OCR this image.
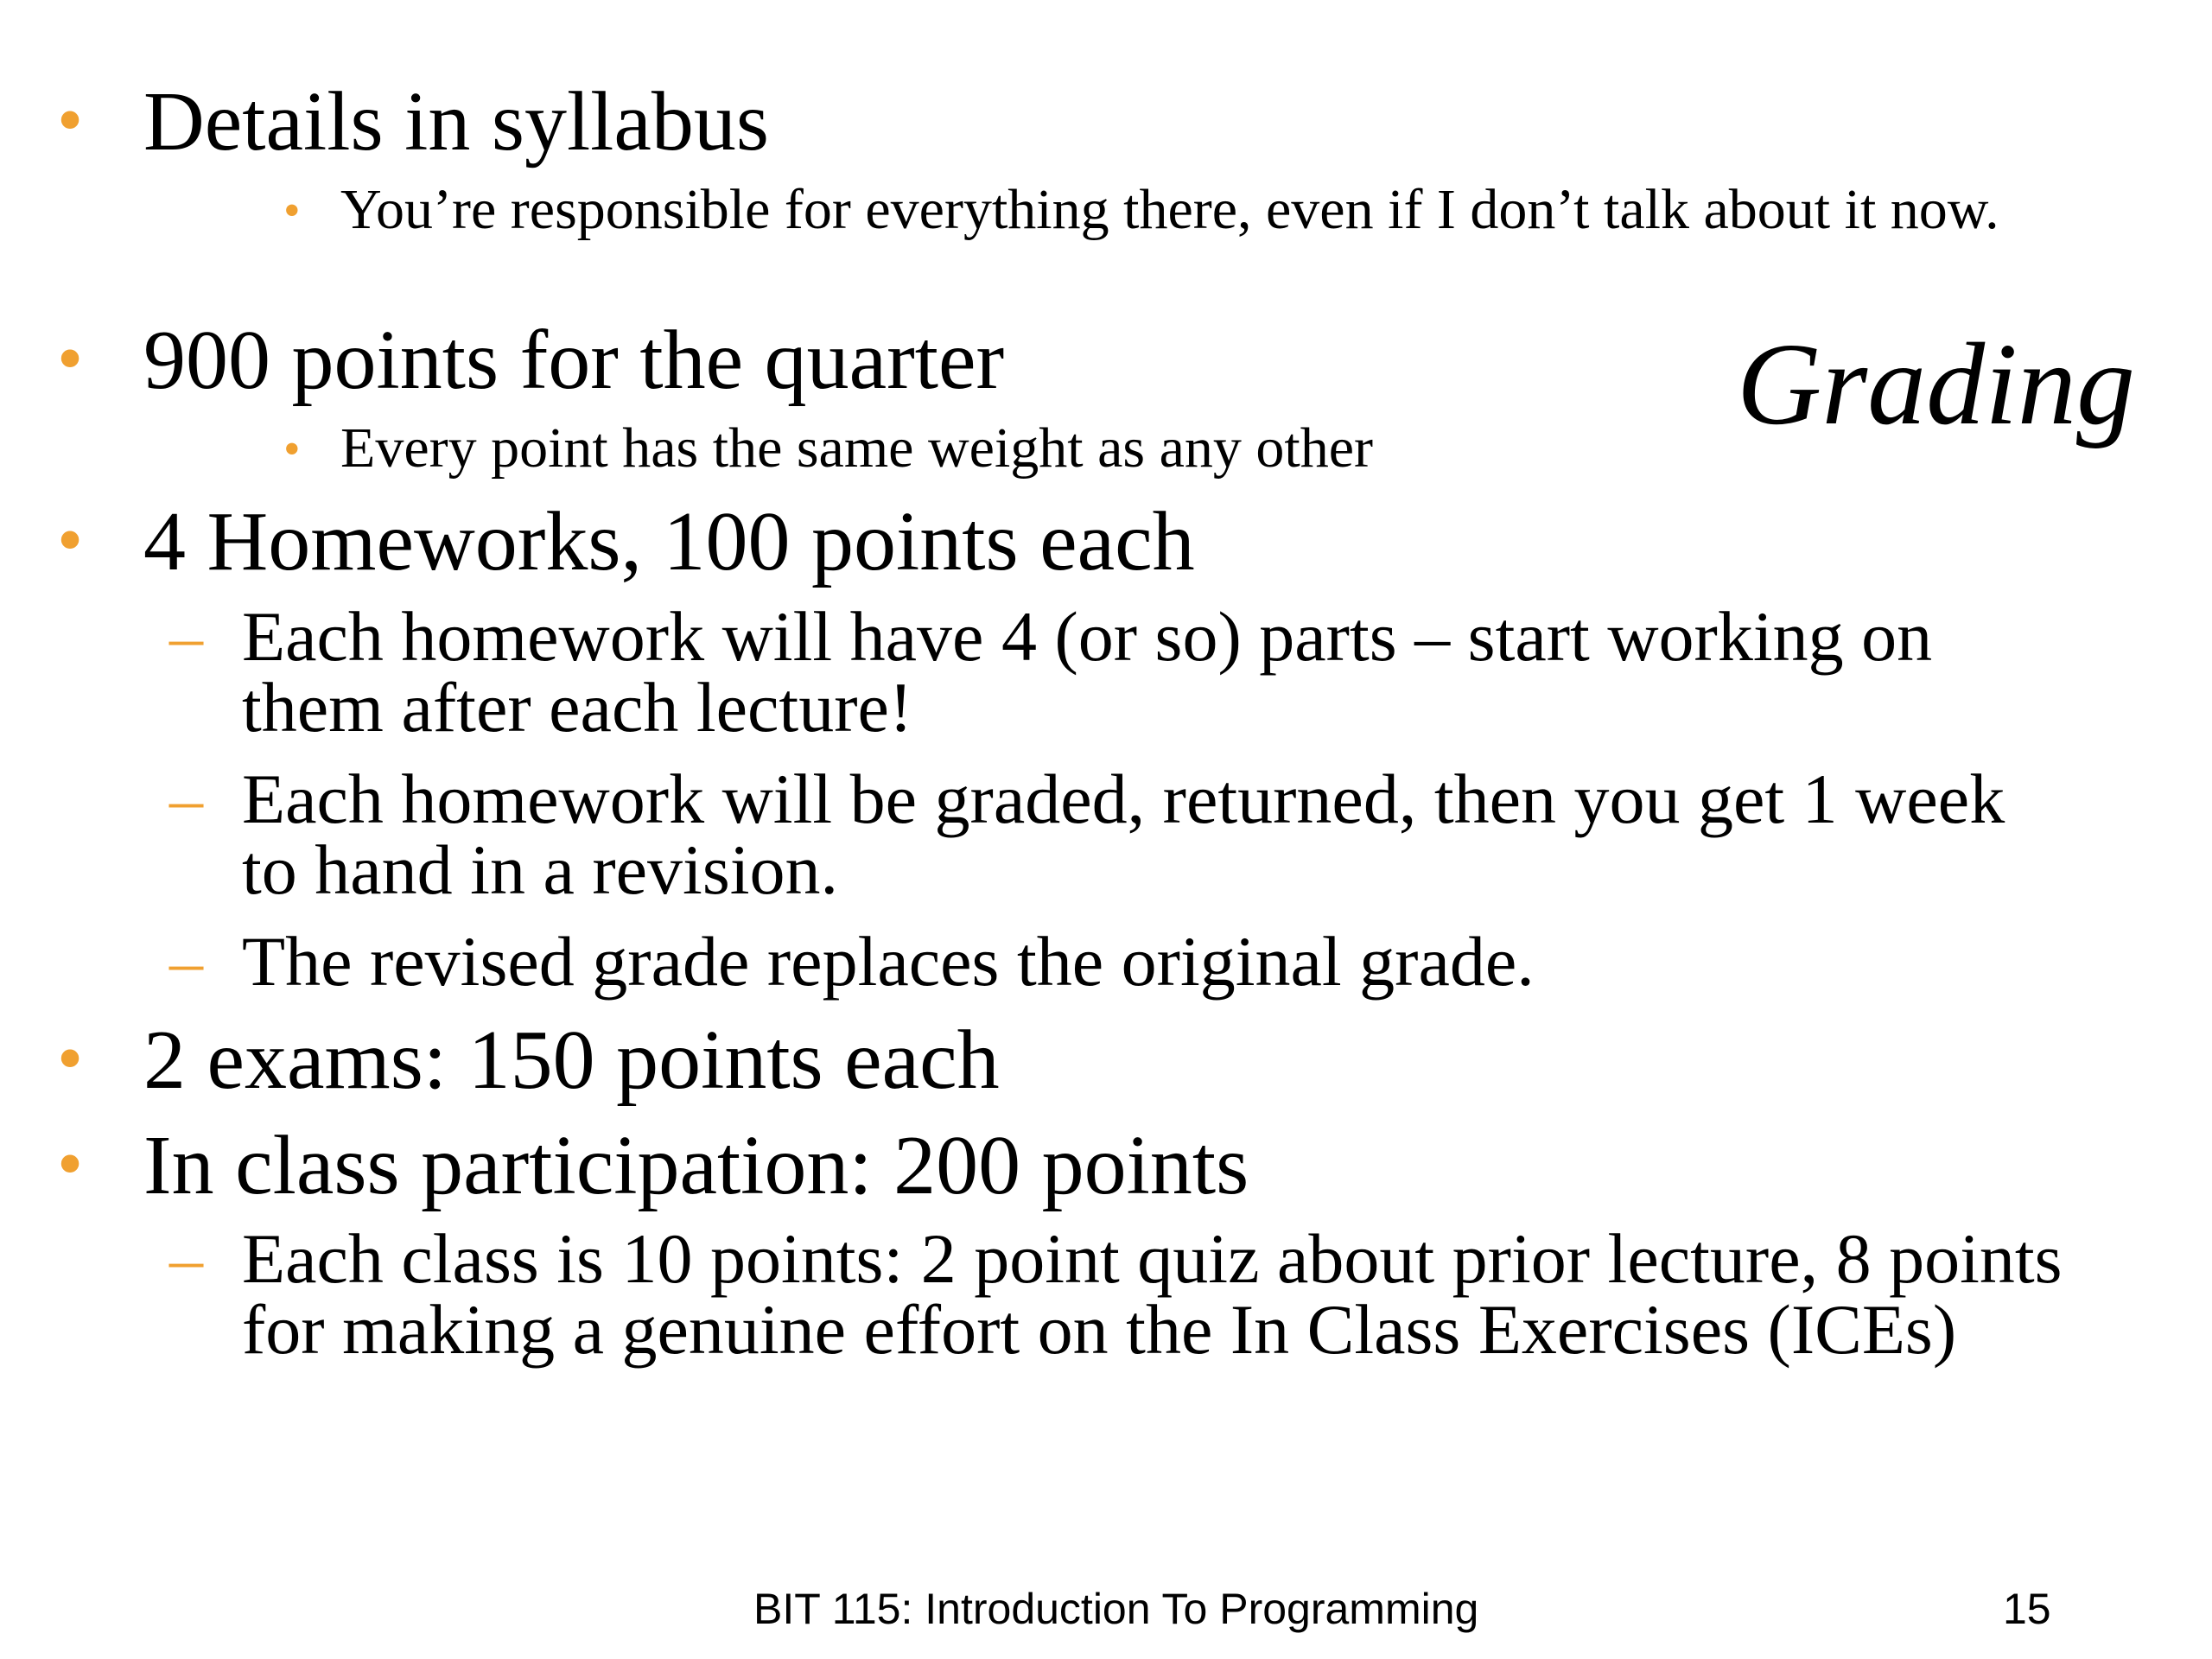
Grading
• Details in syllabus
• You’re responsible for everything there, even if I don’t talk about it now.
• 900 points for the quarter
• Every point has the same weight as any other
• 4 Homeworks, 100 points each
– Each homework will have 4 (or so) parts – start working on them after each lecture!
– Each homework will be graded, returned, then you get 1 week to hand in a revision.
– The revised grade replaces the original grade.
• 2 exams: 150 points each
• In class participation: 200 points
– Each class is 10 points: 2 point quiz about prior lecture, 8 points for making a genuine effort on the In Class Exercises (ICEs)
BIT 115: Introduction To Programming	15
